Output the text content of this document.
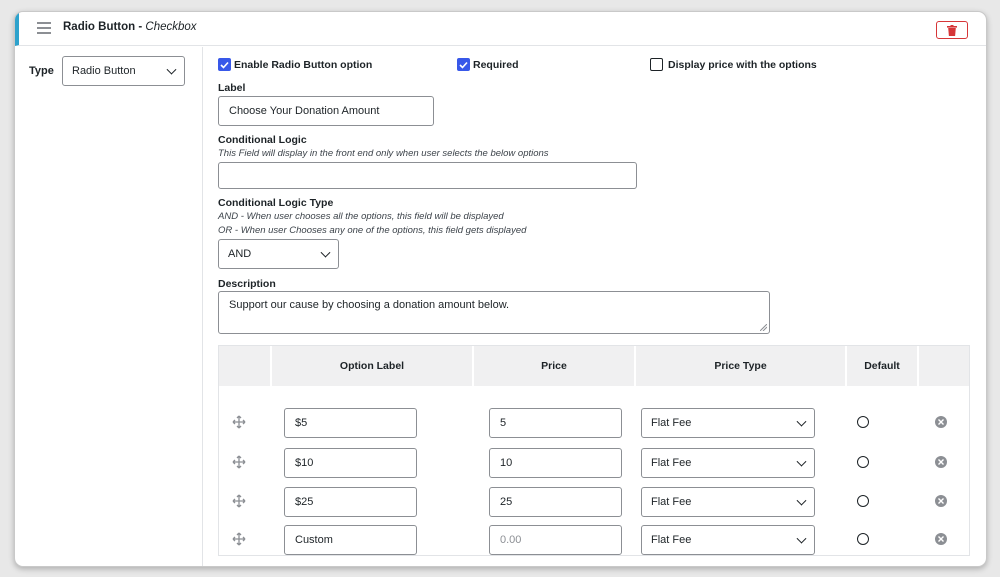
Radio Button - Checkbox
Type Radio Button	Enable Radio Button option	Required	Display price with the options
Label
Choose Your Donation Amount
Conditional Logic
This Field will display in the front end only when user selects the below options
Conditional Logic Type
AND - When user chooses all the options, this field will be displayed
OR - When user Chooses any one of the options, this field gets displayed
AND
Description
Support our cause by choosing a donation amount below.
Option Label	Price	Price Type	Default
$5	5	Flat Fee
$10	10	Flat Fee
$25	25	Flat Fee
Custom	0.00	Flat Fee
